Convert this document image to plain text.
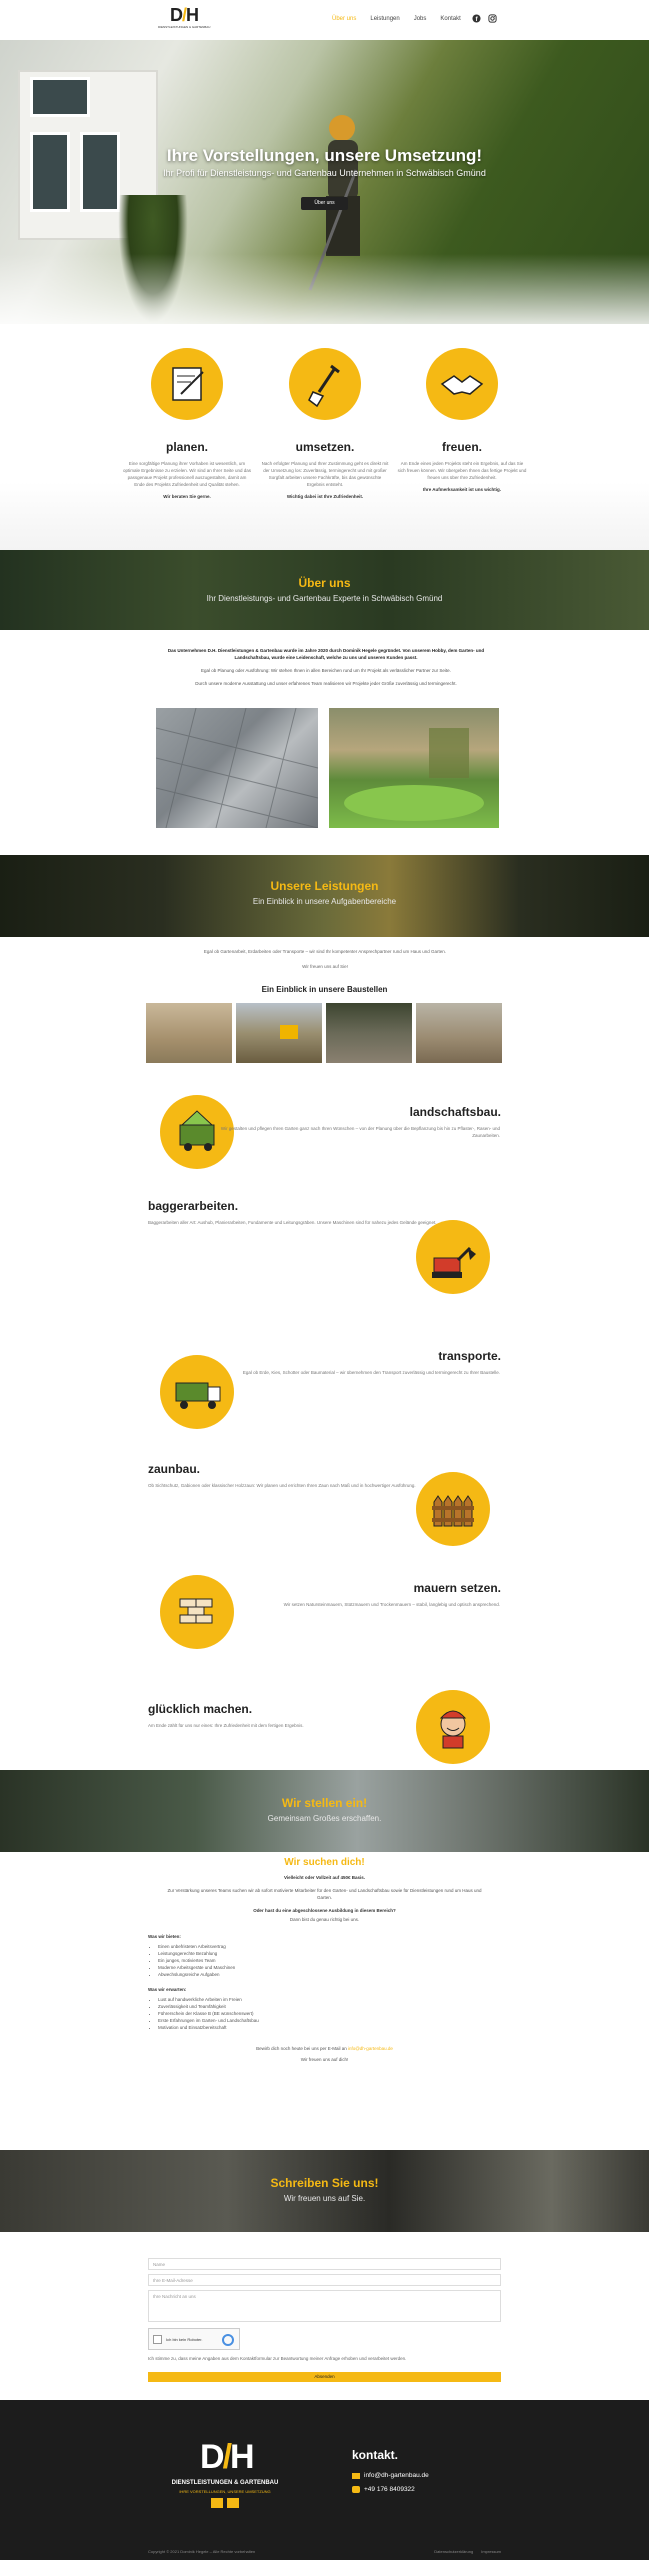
D/H
DIENSTLEISTUNGEN & GARTENBAU
Über uns Leistungen Jobs Kontakt f
Ihre Vorstellungen, unsere Umsetzung!

Ihr Profi für Dienstleistungs- und Gartenbau Unternehmen in Schwäbisch Gmünd

Über uns
planen.

Eine sorgfältige Planung ihrer Vorhaben ist wesentlich, um optimale Ergebnisse zu erzielen. Wir sind an Ihrer Seite und das passgenaue Projekt professionell auszugestalten, damit am Ende des Projekts Zufriedenheit und Qualität stehen.

Wir beraten Sie gerne.
umsetzen.

Nach erfolgter Planung und Ihrer Zustimmung geht es direkt mit der Umsetzung los: Zuverlässig, termingerecht und mit großer Sorgfalt arbeiten unsere Fachkräfte, bis das gewünschte Ergebnis entsteht.

Wichtig dabei ist Ihre Zufriedenheit.
freuen.

Am Ende eines jeden Projekts steht ein Ergebnis, auf das Sie sich freuen können. Wir übergeben Ihnen das fertige Projekt und freuen uns über Ihre Zufriedenheit.

Ihre Aufmerksamkeit ist uns wichtig.
Über uns

Ihr Dienstleistungs- und Gartenbau Experte in Schwäbisch Gmünd

Das Unternehmen D.H. Dienstleistungen & Gartenbau wurde im Jahre 2020 durch Dominik Hegele gegründet. Von unserem Hobby, dem Garten- und Landschaftsbau, wurde eine Leidenschaft, welche zu uns und unseren Kunden passt.

Egal ob Planung oder Ausführung: Wir stehen Ihnen in allen Bereichen rund um Ihr Projekt als verlässlicher Partner zur Seite.

Durch unsere moderne Ausstattung und unser erfahrenes Team realisieren wir Projekte jeder Größe zuverlässig und termingerecht.

Unsere Leistungen

Ein Einblick in unsere Aufgabenbereiche

Egal ob Gartenarbeit, Erdarbeiten oder Transporte – wir sind Ihr kompetenter Ansprechpartner rund um Haus und Garten.

Wir freuen uns auf Sie!

Ein Einblick in unsere Baustellen
landschaftsbau.
Wir gestalten und pflegen Ihren Garten ganz nach Ihren Wünschen – von der Planung über die Bepflanzung bis hin zu Pflaster-, Rasen- und Zaunarbeiten.
baggerarbeiten.
Baggerarbeiten aller Art: Aushub, Planierarbeiten, Fundamente und Leitungsgräben. Unsere Maschinen sind für nahezu jedes Gelände geeignet.
transporte.
Egal ob Erde, Kies, Schotter oder Baumaterial – wir übernehmen den Transport zuverlässig und termingerecht zu Ihrer Baustelle.
zaunbau.
Ob Sichtschutz, Gabionen oder klassischer Holzzaun: Wir planen und errichten Ihren Zaun nach Maß und in hochwertiger Ausführung.
mauern setzen.
Wir setzen Natursteinmauern, Stützmauern und Trockenmauern – stabil, langlebig und optisch ansprechend.
glücklich machen.
Am Ende zählt für uns nur eines: Ihre Zufriedenheit mit dem fertigen Ergebnis.
Wir stellen ein!

Gemeinsam Großes erschaffen.

Wir suchen dich!
Vielleicht oder Vollzeit auf 450€ Basis.
Zur Verstärkung unseres Teams suchen wir ab sofort motivierte Mitarbeiter für den Garten- und Landschaftsbau sowie für Dienstleistungen rund um Haus und Garten.
Oder hast du eine abgeschlossene Ausbildung in diesem Bereich?
Dann bist du genau richtig bei uns.
Was wir bieten:
• Einen unbefristeten Arbeitsvertrag
• Leistungsgerechte Bezahlung
• Ein junges, motiviertes Team
• Moderne Arbeitsgeräte und Maschinen
• Abwechslungsreiche Aufgaben
Was wir erwarten:
• Lust auf handwerkliche Arbeiten im Freien
• Zuverlässigkeit und Teamfähigkeit
• Führerschein der Klasse B (BE wünschenswert)
• Erste Erfahrungen im Garten- und Landschaftsbau
• Motivation und Einsatzbereitschaft
Bewirb dich noch heute bei uns per E-Mail an info@dh-gartenbau.de
Wir freuen uns auf dich!
Schreiben Sie uns!

Wir freuen uns auf Sie.

Name
Ihre E-Mail-Adresse
Ihre Nachricht an uns
Ich bin kein Roboter.
Ich stimme zu, dass meine Angaben aus dem Kontaktformular zur Beantwortung meiner Anfrage erhoben und verarbeitet werden.
Absenden
D/H
DIENSTLEISTUNGEN & GARTENBAU
IHRE VORSTELLUNGEN, UNSERE UMSETZUNG
kontakt.
info@dh-gartenbau.de
+49 176 8409322
Copyright © 2021 Dominik Hegele – Alle Rechte vorbehalten	Datenschutzerklärung Impressum
